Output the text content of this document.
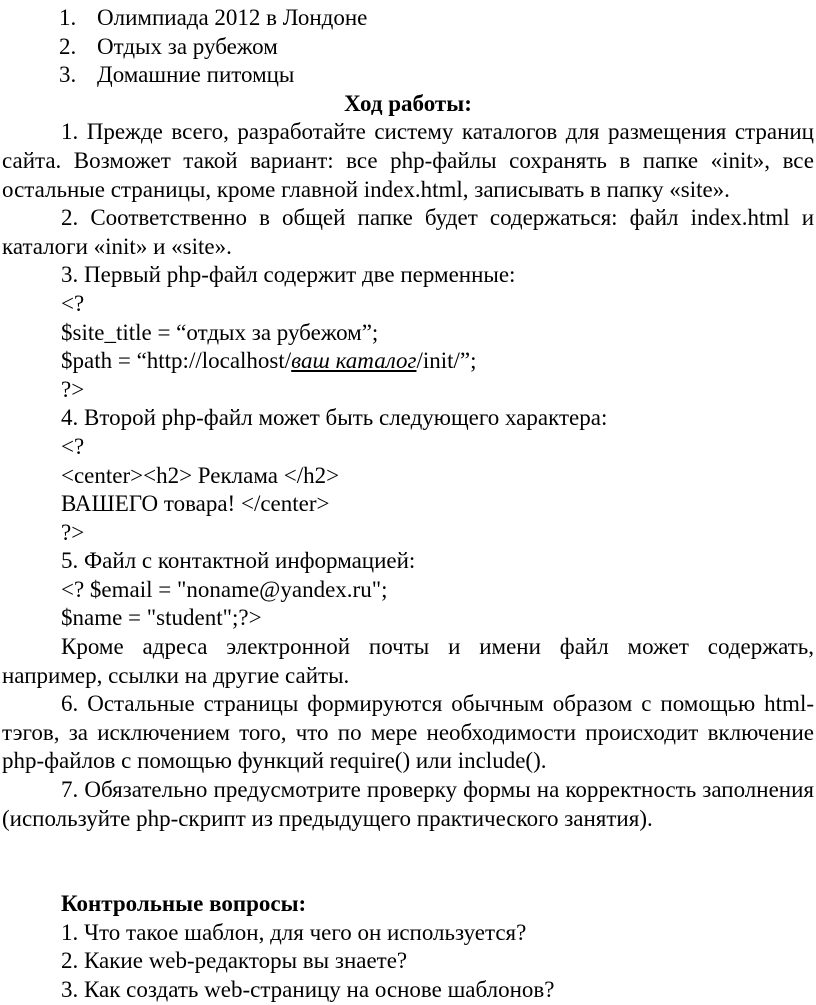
1. Олимпиада 2012 в Лондоне
2. Отдых за рубежом
3. Домашние питомцы
Ход работы:
1. Прежде всего, разработайте систему каталогов для размещения страниц сайта. Возможет такой вариант: все php-файлы сохранять в папке «init», все остальные страницы, кроме главной index.html, записывать в папку «site».
2. Соответственно в общей папке будет содержаться: файл index.html и каталоги «init» и «site».
3. Первый php-файл содержит две перменные:
<?
$site_title = “отдых за рубежом”;
$path = “http://localhost/ваш каталог/init/”;
?>
4. Второй php-файл может быть следующего характера:
<?
<center><h2> Реклама </h2>
ВАШЕГО товара! </center>
?>
5. Файл с контактной информацией:
<? $email = "noname@yandex.ru";
$name = "student";?>
Кроме адреса электронной почты и имени файл может содержать, например, ссылки на другие сайты.
6. Остальные страницы формируются обычным образом с помощью html-тэгов, за исключением того, что по мере необходимости происходит включение php-файлов с помощью функций require() или include().
7. Обязательно предусмотрите проверку формы на корректность заполнения (используйте php-скрипт из предыдущего практического занятия).
Контрольные вопросы:
1. Что такое шаблон, для чего он используется?
2. Какие web-редакторы вы знаете?
3. Как создать web-страницу на основе шаблонов?
